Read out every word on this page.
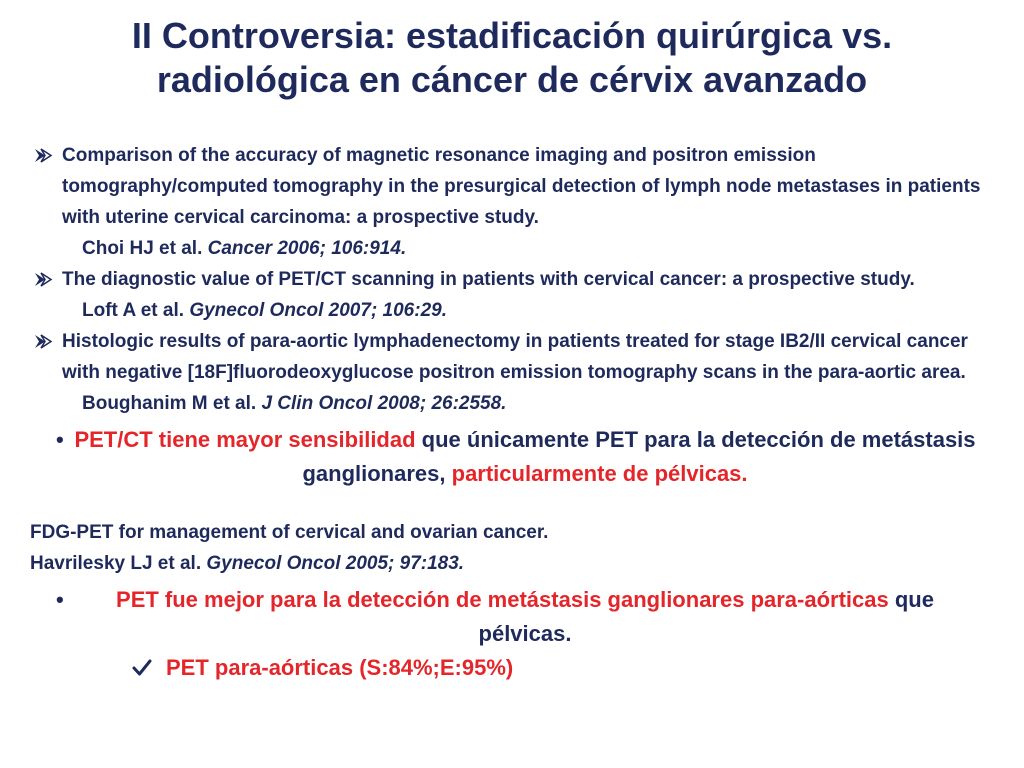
II Controversia: estadificación quirúrgica vs.
radiológica en cáncer de cérvix avanzado
Comparison of the accuracy of magnetic resonance imaging and positron emission tomography/computed tomography in the presurgical detection of lymph node metastases in patients with uterine cervical carcinoma: a prospective study.
Choi HJ et al. Cancer 2006; 106:914.
The diagnostic value of PET/CT scanning in patients with cervical cancer: a prospective study.
Loft A et al. Gynecol Oncol 2007; 106:29.
Histologic results of para-aortic lymphadenectomy in patients treated for stage IB2/II cervical cancer with negative [18F]fluorodeoxyglucose positron emission tomography scans in the para-aortic area.
Boughanim M et al. J Clin Oncol 2008; 26:2558.
• PET/CT tiene mayor sensibilidad que únicamente PET para la detección de metástasis ganglionares, particularmente de pélvicas.
FDG-PET for management of cervical and ovarian cancer.
Havrilesky LJ et al. Gynecol Oncol 2005; 97:183.
• PET fue mejor para la detección de metástasis ganglionares para-aórticas que pélvicas.
PET para-aórticas (S:84%;E:95%)
